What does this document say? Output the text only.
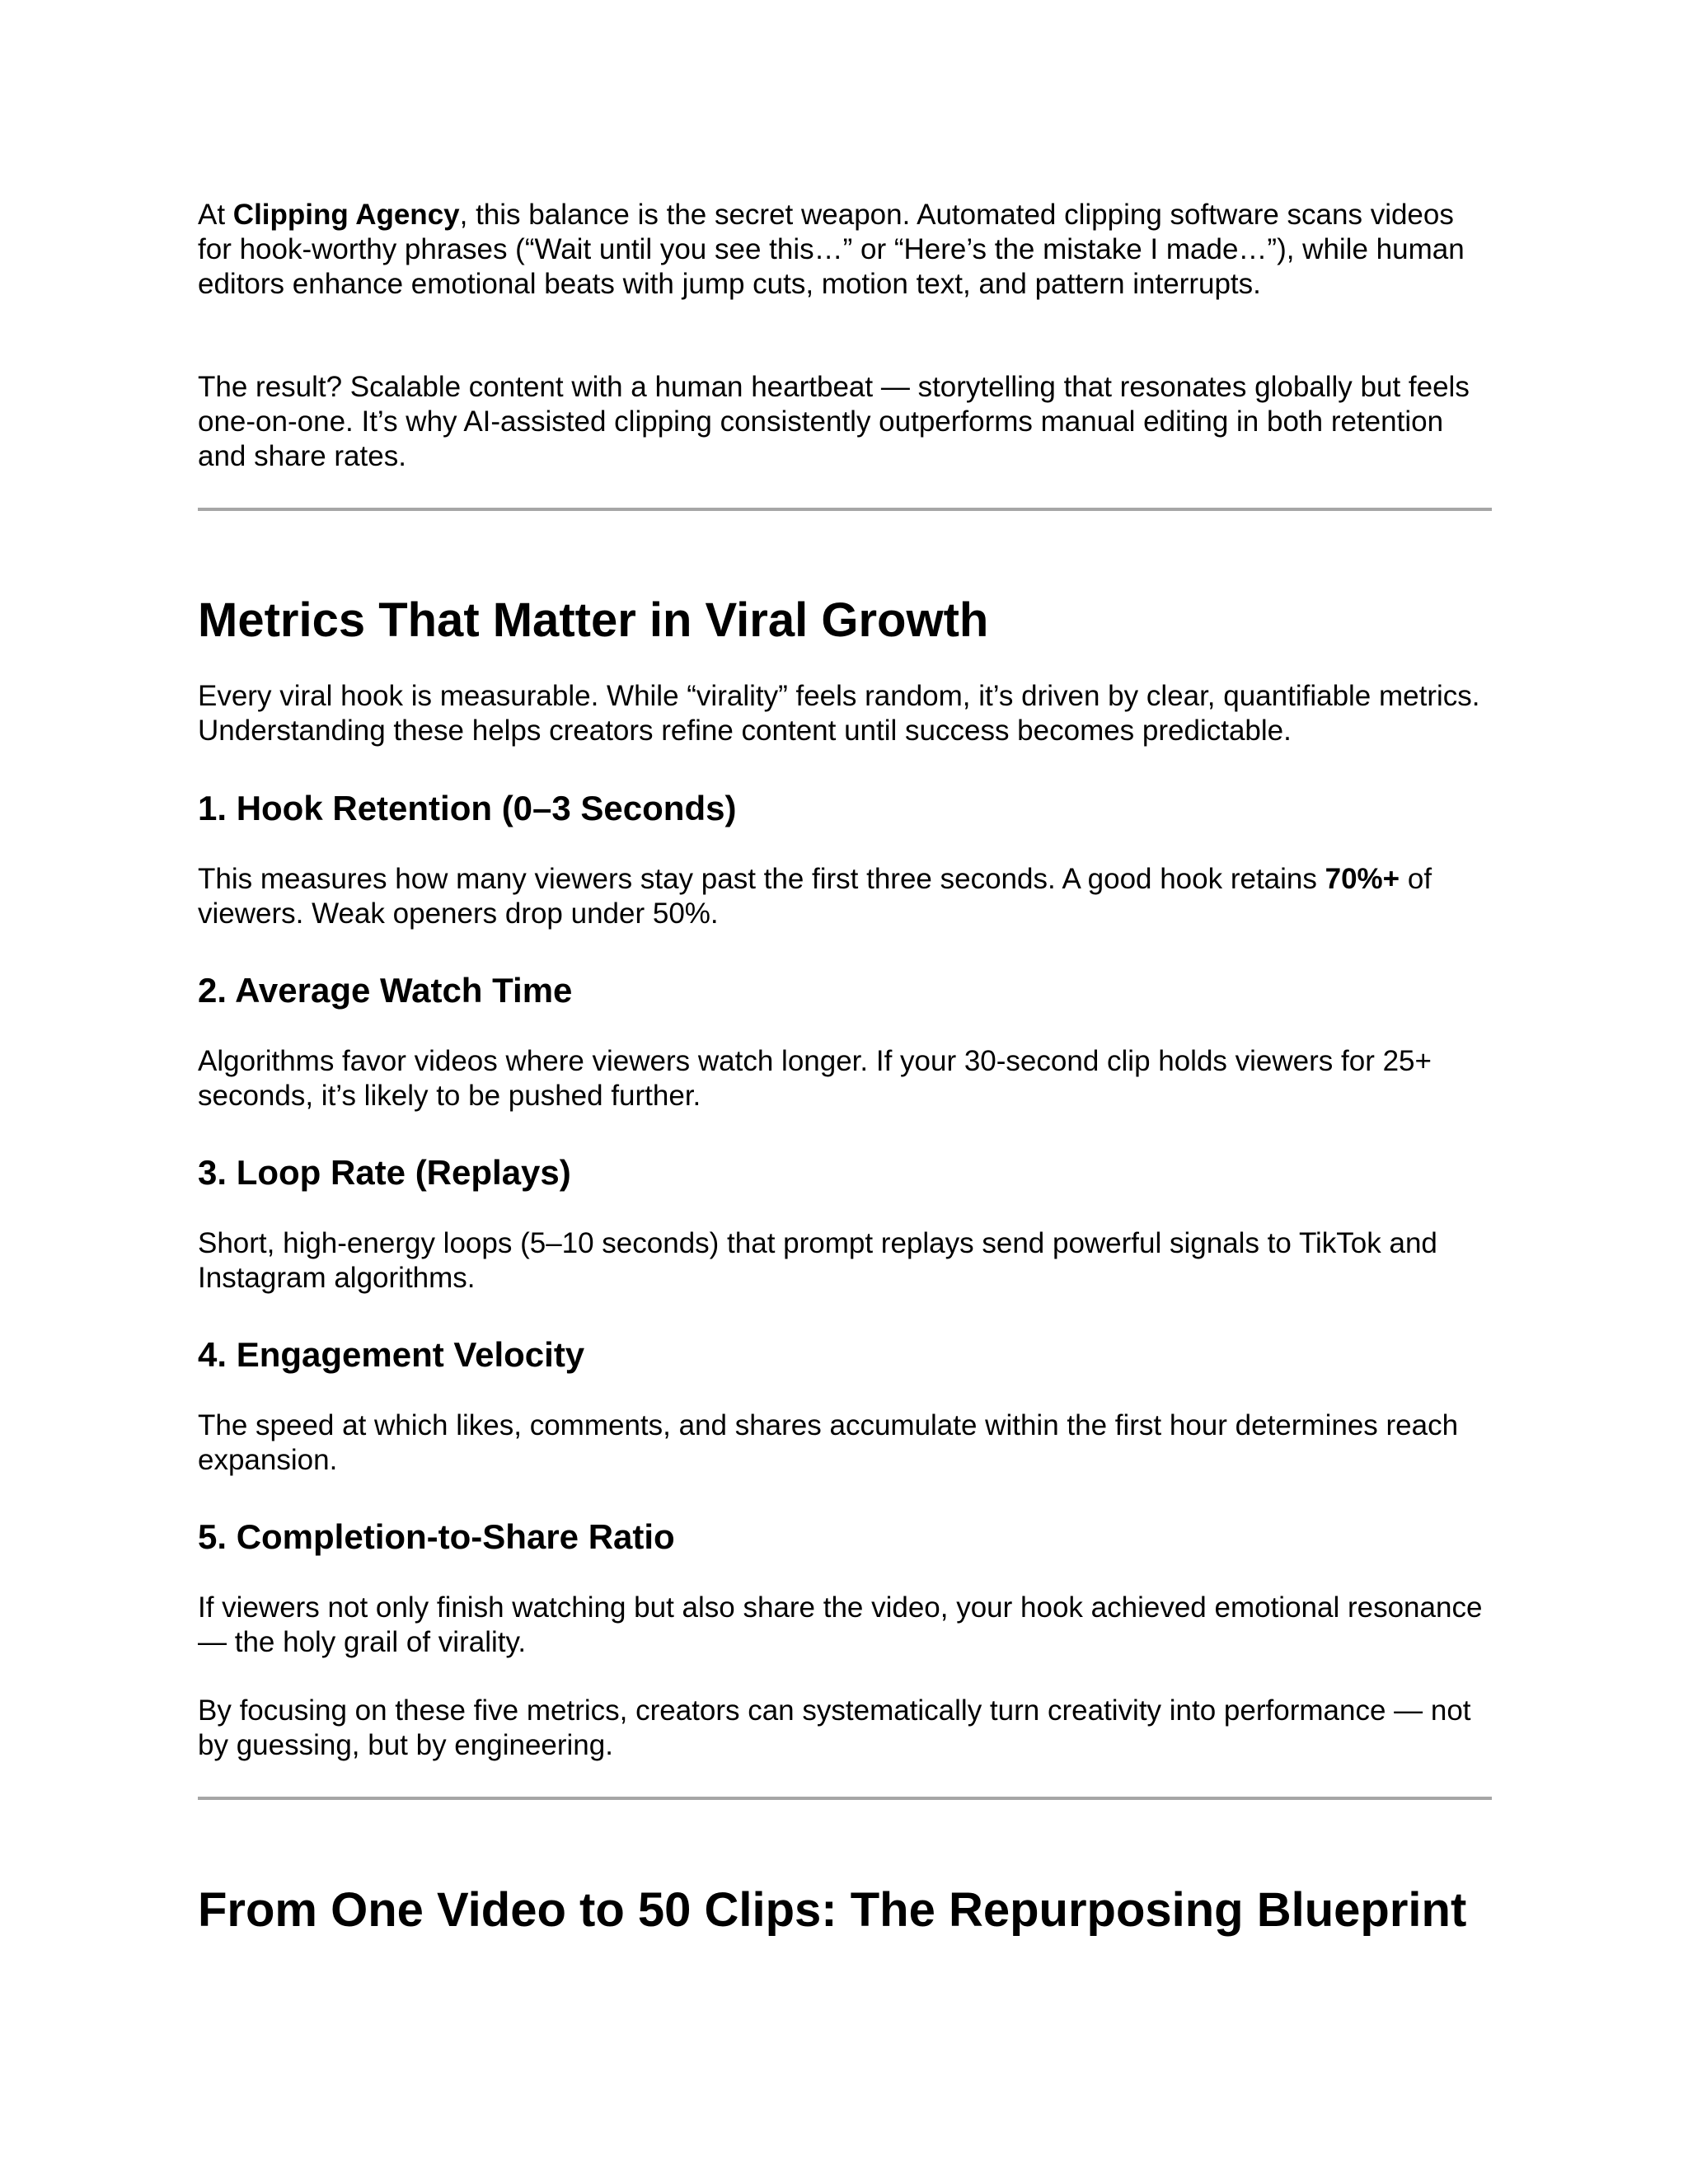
At Clipping Agency, this balance is the secret weapon. Automated clipping software scans videos for hook-worthy phrases (“Wait until you see this…” or “Here’s the mistake I made…”), while human editors enhance emotional beats with jump cuts, motion text, and pattern interrupts.

The result? Scalable content with a human heartbeat — storytelling that resonates globally but feels one-on-one. It’s why AI-assisted clipping consistently outperforms manual editing in both retention and share rates.

Metrics That Matter in Viral Growth

Every viral hook is measurable. While “virality” feels random, it’s driven by clear, quantifiable metrics. Understanding these helps creators refine content until success becomes predictable.

1. Hook Retention (0–3 Seconds)

This measures how many viewers stay past the first three seconds. A good hook retains 70%+ of viewers. Weak openers drop under 50%.

2. Average Watch Time

Algorithms favor videos where viewers watch longer. If your 30-second clip holds viewers for 25+ seconds, it’s likely to be pushed further.

3. Loop Rate (Replays)

Short, high-energy loops (5–10 seconds) that prompt replays send powerful signals to TikTok and Instagram algorithms.

4. Engagement Velocity

The speed at which likes, comments, and shares accumulate within the first hour determines reach expansion.

5. Completion-to-Share Ratio

If viewers not only finish watching but also share the video, your hook achieved emotional resonance — the holy grail of virality.

By focusing on these five metrics, creators can systematically turn creativity into performance — not by guessing, but by engineering.

From One Video to 50 Clips: The Repurposing Blueprint
